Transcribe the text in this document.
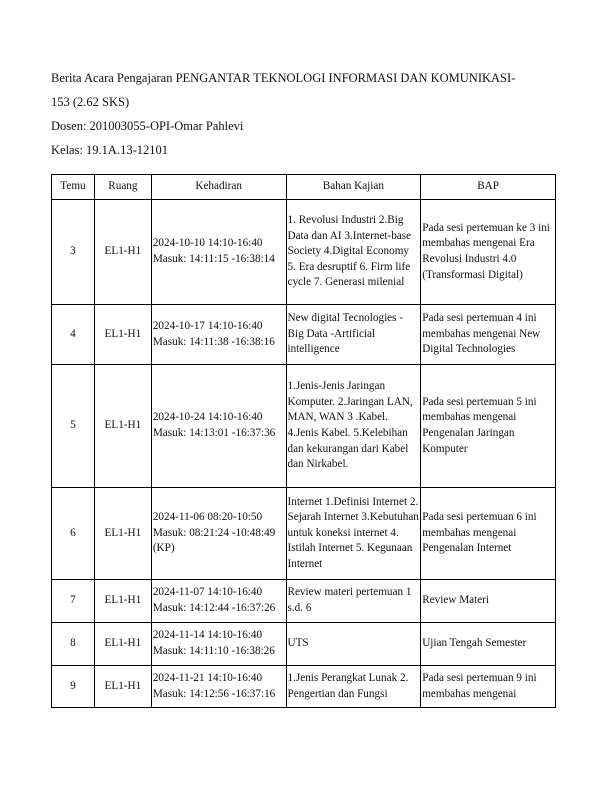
Berita Acara Pengajaran PENGANTAR TEKNOLOGI INFORMASI DAN KOMUNIKASI-
153 (2.62 SKS)
Dosen: 201003055-OPI-Omar Pahlevi
Kelas: 19.1A.13-12101
Temu	Ruang	Kehadiran	Bahan Kajian	BAP
3	EL1-H1	2024-10-10 14:10-16:40
Masuk: 14:11:15 -16:38:14	1. Revolusi Industri 2.Big Data dan AI 3.Internet-base Society 4.Digital Economy 5. Era desruptif 6. Firm life cycle 7. Generasi milenial	Pada sesi pertemuan ke 3 ini membahas mengenai Era Revolusi Industri 4.0 (Transformasi Digital)
4	EL1-H1	2024-10-17 14:10-16:40
Masuk: 14:11:38 -16:38:16	New digital Tecnologies - Big Data -Artificial intelligence	Pada sesi pertemuan 4 ini membahas mengenai New Digital Technologies
5	EL1-H1	2024-10-24 14:10-16:40
Masuk: 14:13:01 -16:37:36	1.Jenis-Jenis Jaringan Komputer. 2.Jaringan LAN, MAN, WAN 3 .Kabel. 4.Jenis Kabel. 5.Kelebihan dan kekurangan dari Kabel dan Nirkabel.	Pada sesi pertemuan 5 ini membahas mengenai Pengenalan Jaringan Komputer
6	EL1-H1	2024-11-06 08:20-10:50
Masuk: 08:21:24 -10:48:49
(KP)	Internet 1.Definisi Internet 2. Sejarah Internet 3.Kebutuhan untuk koneksi internet 4. Istilah Internet 5. Kegunaan Internet	Pada sesi pertemuan 6 ini membahas mengenai Pengenalan Internet
7	EL1-H1	2024-11-07 14:10-16:40
Masuk: 14:12:44 -16:37:26	Review materi pertemuan 1 s.d. 6	Review Materi
8	EL1-H1	2024-11-14 14:10-16:40
Masuk: 14:11:10 -16:38:26	UTS	Ujian Tengah Semester
9	EL1-H1	2024-11-21 14:10-16:40
Masuk: 14:12:56 -16:37:16	1.Jenis Perangkat Lunak 2. Pengertian dan Fungsi	Pada sesi pertemuan 9 ini membahas mengenai
